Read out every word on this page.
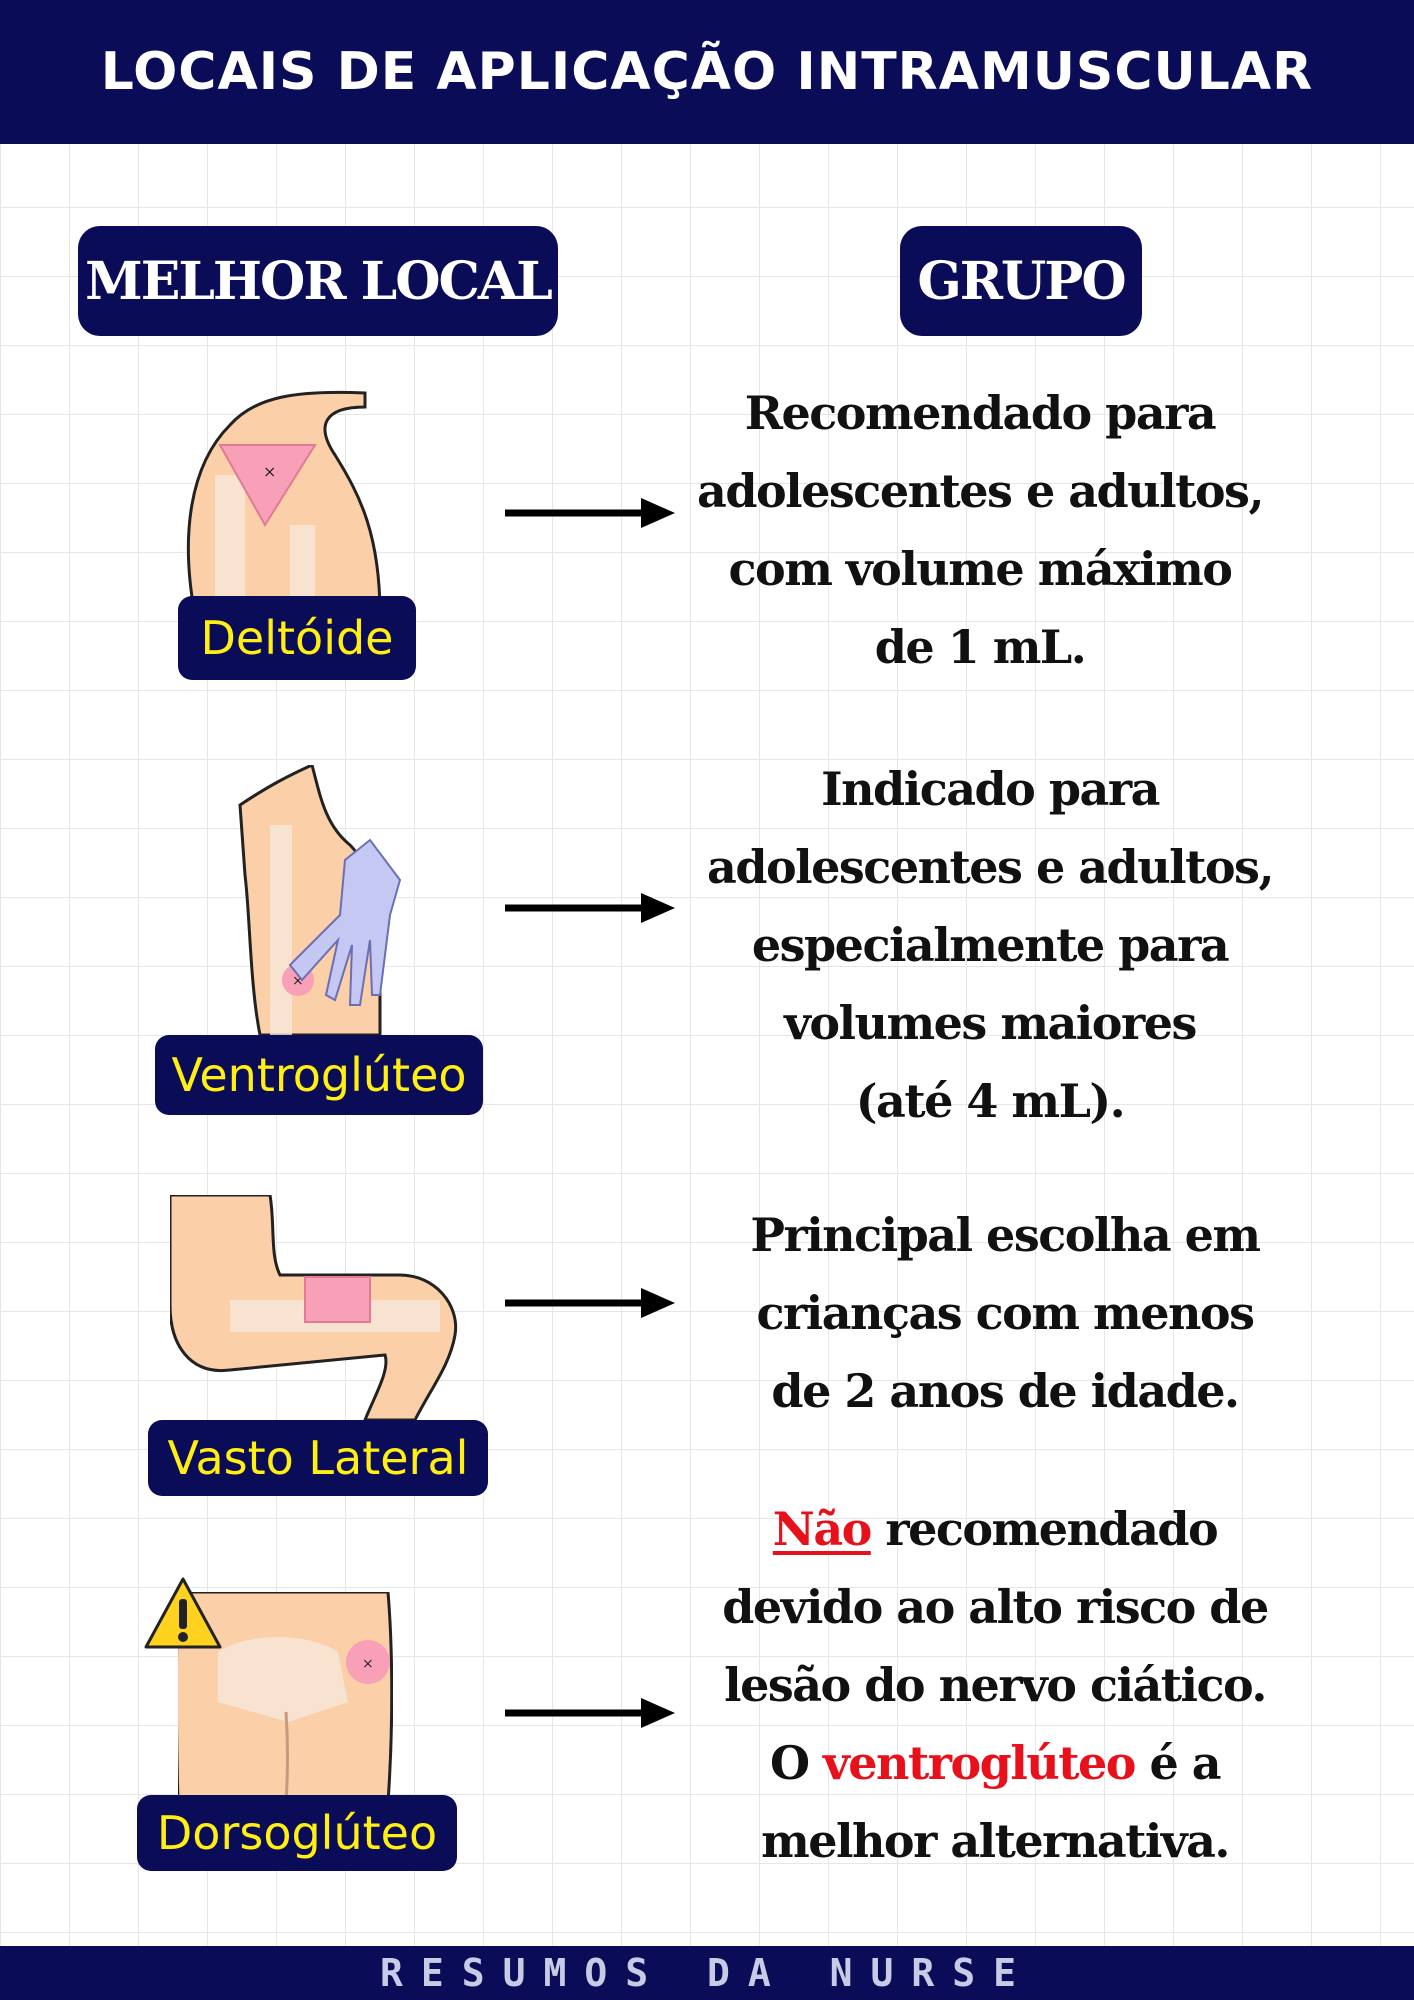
LOCAIS DE APLICAÇÃO INTRAMUSCULAR
MELHOR LOCAL	GRUPO
×
Deltóide
Recomendado para
adolescentes e adultos,
com volume máximo
de 1 mL.
×
Ventroglúteo
Indicado para
adolescentes e adultos,
especialmente para
volumes maiores
(até 4 mL).
Vasto Lateral
Principal escolha em
crianças com menos
de 2 anos de idade.
×
Dorsoglúteo
Não recomendado
devido ao alto risco de
lesão do nervo ciático.
O ventroglúteo é a
melhor alternativa.
RESUMOS DA NURSE
